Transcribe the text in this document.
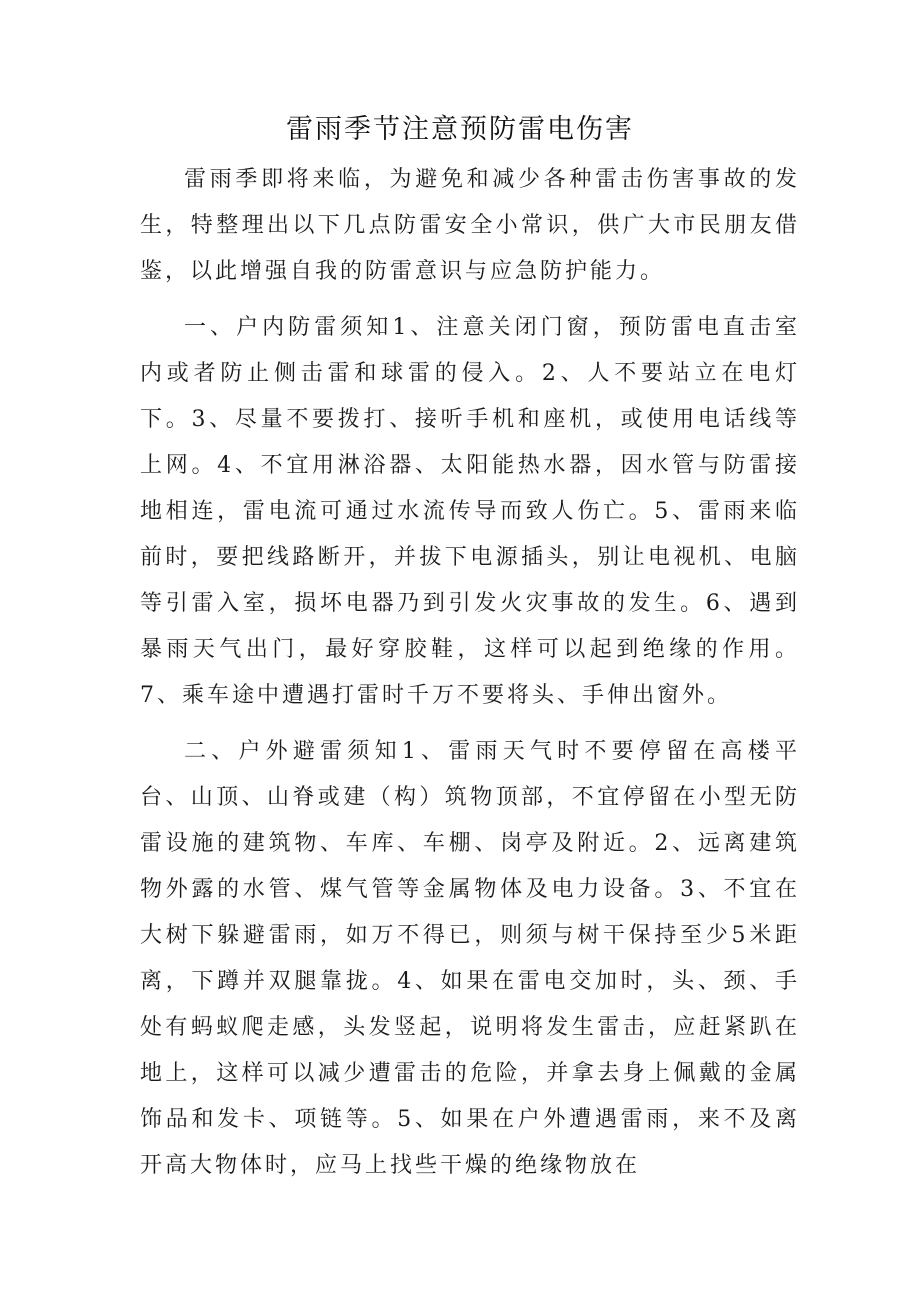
雷雨季节注意预防雷电伤害

雷雨季即将来临，为避免和减少各种雷击伤害事故的发生，特整理出以下几点防雷安全小常识，供广大市民朋友借鉴，以此增强自我的防雷意识与应急防护能力。

一、户内防雷须知1、注意关闭门窗，预防雷电直击室内或者防止侧击雷和球雷的侵入。2、人不要站立在电灯下。3、尽量不要拨打、接听手机和座机，或使用电话线等上网。4、不宜用淋浴器、太阳能热水器，因水管与防雷接地相连，雷电流可通过水流传导而致人伤亡。5、雷雨来临前时，要把线路断开，并拔下电源插头，别让电视机、电脑等引雷入室，损坏电器乃到引发火灾事故的发生。6、遇到暴雨天气出门，最好穿胶鞋，这样可以起到绝缘的作用。7、乘车途中遭遇打雷时千万不要将头、手伸出窗外。

二、户外避雷须知1、雷雨天气时不要停留在高楼平台、山顶、山脊或建（构）筑物顶部，不宜停留在小型无防雷设施的建筑物、车库、车棚、岗亭及附近。2、远离建筑物外露的水管、煤气管等金属物体及电力设备。3、不宜在大树下躲避雷雨，如万不得已，则须与树干保持至少5米距离，下蹲并双腿靠拢。4、如果在雷电交加时，头、颈、手处有蚂蚁爬走感，头发竖起，说明将发生雷击，应赶紧趴在地上，这样可以减少遭雷击的危险，并拿去身上佩戴的金属饰品和发卡、项链等。5、如果在户外遭遇雷雨，来不及离开高大物体时，应马上找些干燥的绝缘物放在
